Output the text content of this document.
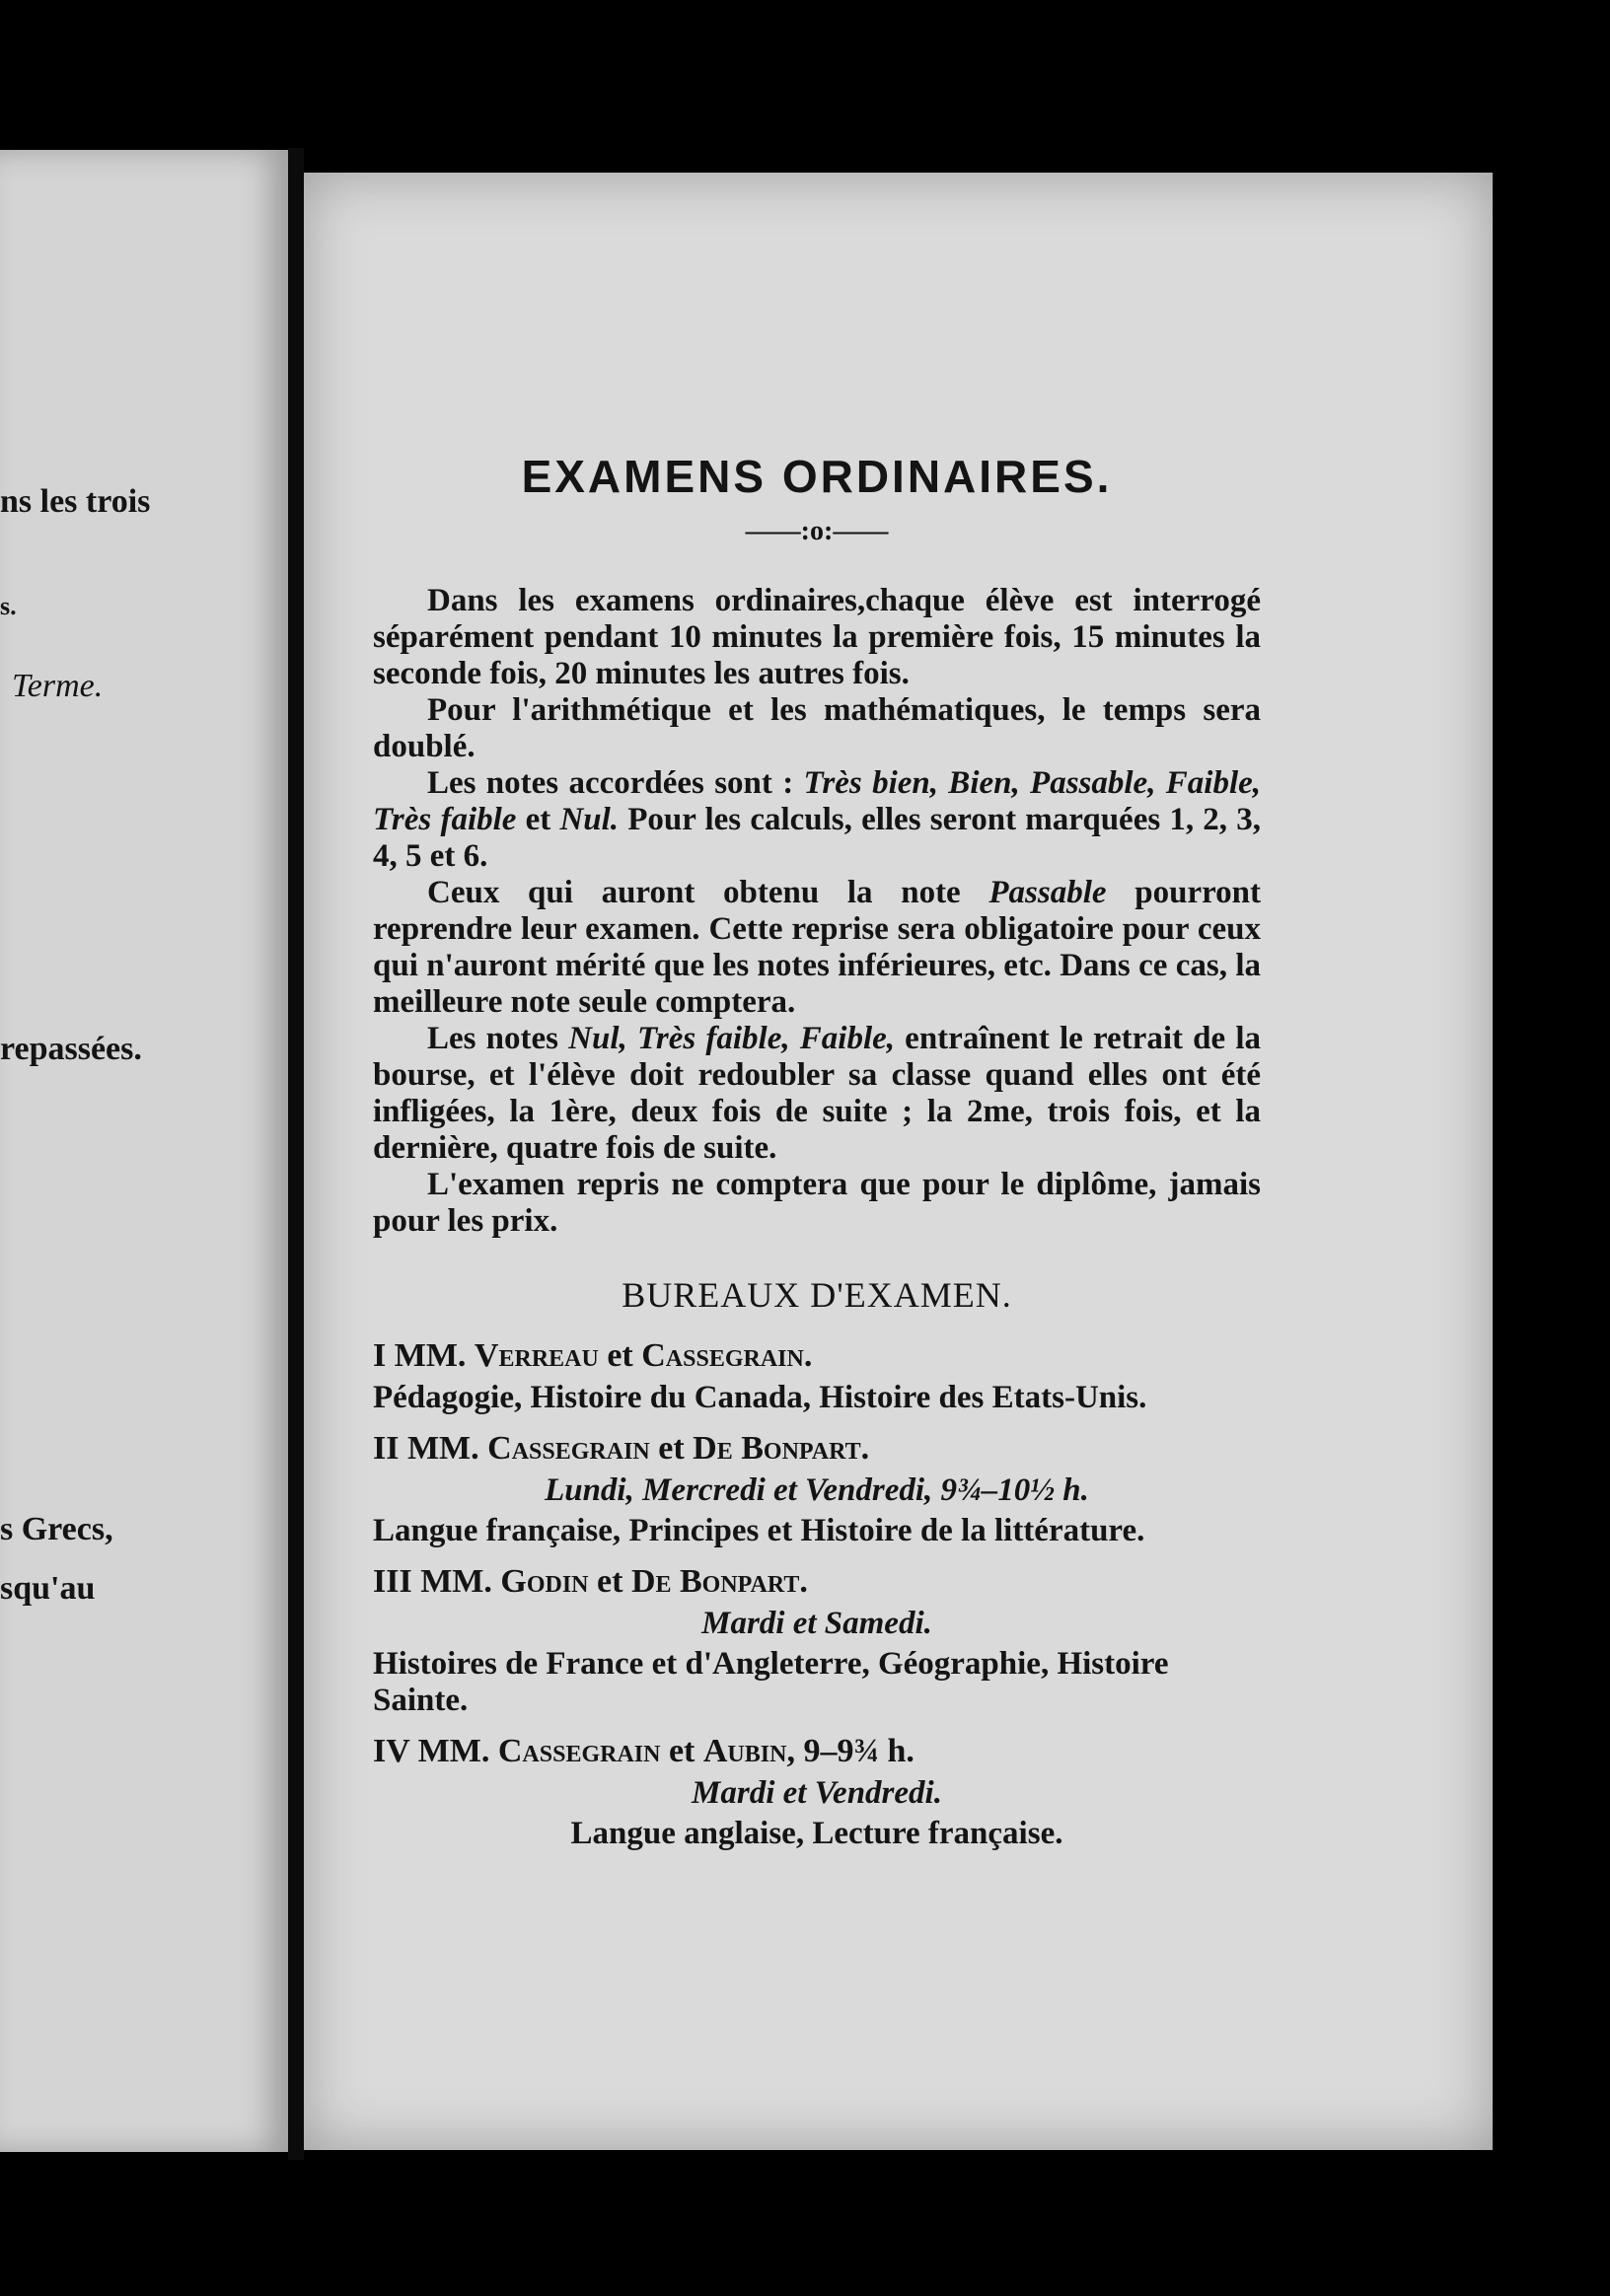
ns les trois
s.
Terme.
repassées.
s Grecs,
squ'au
EXAMENS ORDINAIRES.
——:o:——

Dans les examens ordinaires,chaque élève est interrogé séparément pendant 10 minutes la première fois, 15 minutes la seconde fois, 20 minutes les autres fois.

Pour l'arithmétique et les mathématiques, le temps sera doublé.

Les notes accordées sont : Très bien, Bien, Passable, Faible, Très faible et Nul. Pour les calculs, elles seront marquées 1, 2, 3, 4, 5 et 6.

Ceux qui auront obtenu la note Passable pourront reprendre leur examen. Cette reprise sera obligatoire pour ceux qui n'auront mérité que les notes inférieures, etc. Dans ce cas, la meilleure note seule comptera.

Les notes Nul, Très faible, Faible, entraînent le retrait de la bourse, et l'élève doit redoubler sa classe quand elles ont été infligées, la 1ère, deux fois de suite ; la 2me, trois fois, et la dernière, quatre fois de suite.

L'examen repris ne comptera que pour le diplôme, jamais pour les prix.

BUREAUX D'EXAMEN.
I MM. Verreau et Cassegrain.
Pédagogie, Histoire du Canada, Histoire des Etats-Unis.
II MM. Cassegrain et De Bonpart.
Lundi, Mercredi et Vendredi, 9¾–10½ h.
Langue française, Principes et Histoire de la littérature.
III MM. Godin et De Bonpart.
Mardi et Samedi.
Histoires de France et d'Angleterre, Géographie, Histoire Sainte.
IV MM. Cassegrain et Aubin, 9–9¾ h.
Mardi et Vendredi.
Langue anglaise, Lecture française.
